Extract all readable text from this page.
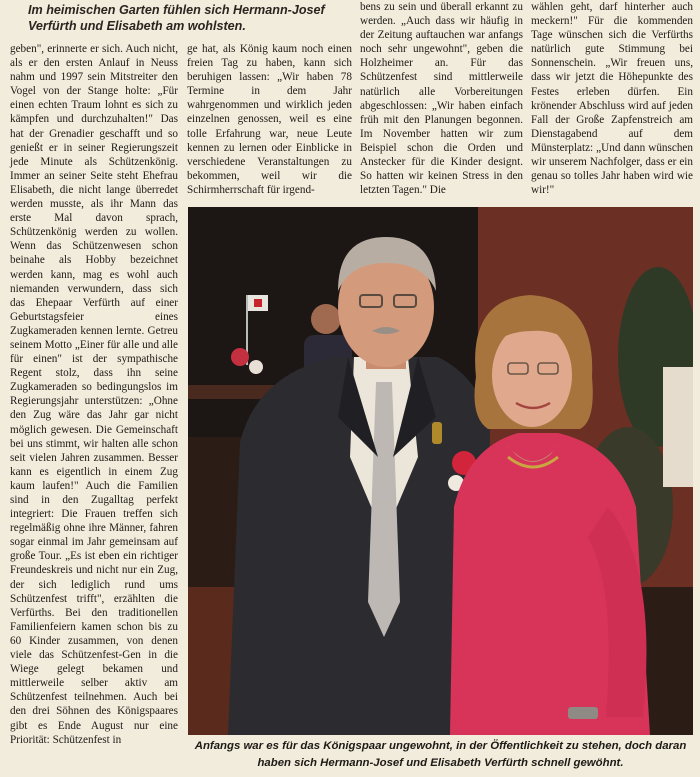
Im heimischen Garten fühlen sich Hermann-Josef Verfürth und Elisabeth am wohlsten.

geben", erinnerte er sich. Auch nicht, als er den ersten Anlauf in Neuss nahm und 1997 sein Mitstreiter den Vogel von der Stange holte: „Für einen echten Traum lohnt es sich zu kämpfen und durchzuhalten!" Das hat der Grenadier geschafft und so genießt er in seiner Regierungszeit jede Minute als Schützenkönig. Immer an seiner Seite steht Ehefrau Elisabeth, die nicht lange überredet werden musste, als ihr Mann das erste Mal davon sprach, Schützenkönig werden zu wollen. Wenn das Schützenwesen schon beinahe als Hobby bezeichnet werden kann, mag es wohl auch niemanden verwundern, dass sich das Ehepaar Verfürth auf einer Geburtstagsfeier eines Zugkameraden kennen lernte. Getreu seinem Motto „Einer für alle und alle für einen" ist der sympathische Regent stolz, dass ihn seine Zugkameraden so bedingungslos im Regierungsjahr unterstützen: „Ohne den Zug wäre das Jahr gar nicht möglich gewesen. Die Gemeinschaft bei uns stimmt, wir halten alle schon seit vielen Jahren zusammen. Besser kann es eigentlich in einem Zug kaum laufen!" Auch die Familien sind in den Zugalltag perfekt integriert: Die Frauen treffen sich regelmäßig ohne ihre Männer, fahren sogar einmal im Jahr gemeinsam auf große Tour. „Es ist eben ein richtiger Freundeskreis und nicht nur ein Zug, der sich lediglich rund ums Schützenfest trifft", erzählten die Verfürths. Bei den traditionellen Familienfeiern kamen schon bis zu 60 Kinder zusammen, von denen viele das Schützenfest-Gen in die Wiege gelegt bekamen und mittlerweile selber aktiv am Schützenfest teilnehmen. Auch bei den drei Söhnen des Königspaares gibt es Ende August nur eine Priorität: Schützenfest in

ge hat, als König kaum noch einen freien Tag zu haben, kann sich beruhigen lassen: „Wir haben 78 Termine in dem Jahr wahrgenommen und wirklich jeden einzelnen genossen, weil es eine tolle Erfahrung war, neue Leute kennen zu lernen oder Einblicke in verschiedene Veranstaltungen zu bekommen, weil wir die Schirmherrschaft für irgend-

bens zu sein und überall erkannt zu werden. „Auch dass wir häufig in der Zeitung auftauchen war anfangs noch sehr ungewohnt", geben die Holzheimer an. Für das Schützenfest sind mittlerweile natürlich alle Vorbereitungen abgeschlossen: „Wir haben einfach früh mit den Planungen begonnen. Im November hatten wir zum Beispiel schon die Orden und Anstecker für die Kinder designt. So hatten wir keinen Stress in den letzten Tagen." Die

wählen geht, darf hinterher auch meckern!" Für die kommenden Tage wünschen sich die Verfürths natürlich gute Stimmung bei Sonnenschein. „Wir freuen uns, dass wir jetzt die Höhepunkte des Festes erleben dürfen. Ein krönender Abschluss wird auf jeden Fall der Große Zapfenstreich am Dienstagabend auf dem Münsterplatz: „Und dann wünschen wir unserem Nachfolger, dass er ein genau so tolles Jahr haben wird wie wir!"

Anfangs war es für das Königspaar ungewohnt, in der Öffentlichkeit zu stehen, doch daran haben sich Hermann-Josef und Elisabeth Verfürth schnell gewöhnt.
